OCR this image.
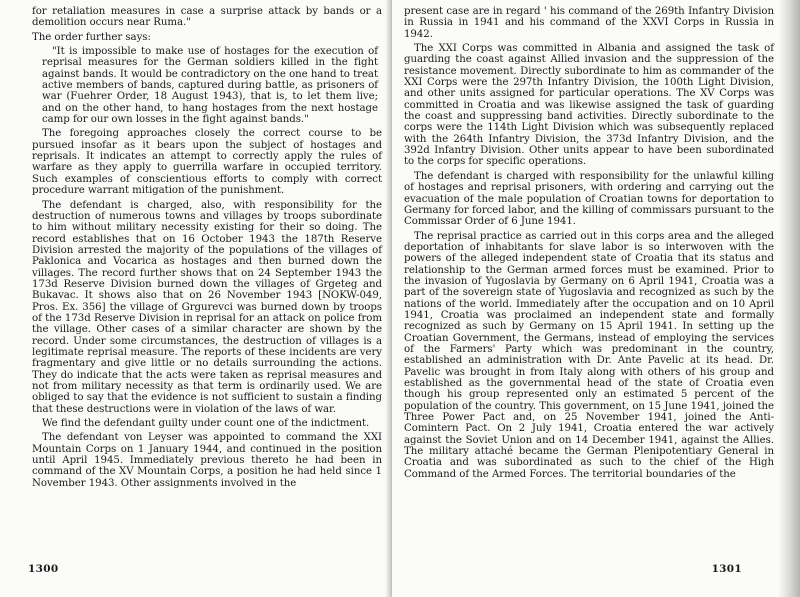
for retaliation measures in case a surprise attack by bands or a demolition occurs near Ruma."

The order further says:

"It is impossible to make use of hostages for the execution of reprisal measures for the German soldiers killed in the fight against bands. It would be contradictory on the one hand to treat active members of bands, captured during battle, as prisoners of war (Fuehrer Order, 18 August 1943), that is, to let them live; and on the other hand, to hang hostages from the next hostage camp for our own losses in the fight against bands."

The foregoing approaches closely the correct course to be pursued insofar as it bears upon the subject of hostages and reprisals. It indicates an attempt to correctly apply the rules of warfare as they apply to guerrilla warfare in occupied territory. Such examples of conscientious efforts to comply with correct procedure warrant mitigation of the punishment.

The defendant is charged, also, with responsibility for the destruction of numerous towns and villages by troops subordinate to him without military necessity existing for their so doing. The record establishes that on 16 October 1943 the 187th Reserve Division arrested the majority of the populations of the villages of Paklonica and Vocarica as hostages and then burned down the villages. The record further shows that on 24 September 1943 the 173d Reserve Division burned down the villages of Grgeteg and Bukavac. It shows also that on 26 November 1943 [NOKW-049, Pros. Ex. 356] the village of Grgurevci was burned down by troops of the 173d Reserve Division in reprisal for an attack on police from the village. Other cases of a similar character are shown by the record. Under some circumstances, the destruction of villages is a legitimate reprisal measure. The reports of these incidents are very fragmentary and give little or no details surrounding the actions. They do indicate that the acts were taken as reprisal measures and not from military necessity as that term is ordinarily used. We are obliged to say that the evidence is not sufficient to sustain a finding that these destructions were in violation of the laws of war.

We find the defendant guilty under count one of the indictment.

The defendant von Leyser was appointed to command the XXI Mountain Corps on 1 January 1944, and continued in the position until April 1945. Immediately previous thereto he had been in command of the XV Mountain Corps, a position he had held since 1 November 1943. Other assignments involved in the

1300

present case are in regard ' his command of the 269th Infantry Division in Russia in 1941 and his command of the XXVI Corps in Russia in 1942.

The XXI Corps was committed in Albania and assigned the task of guarding the coast against Allied invasion and the suppression of the resistance movement. Directly subordinate to him as commander of the XXI Corps were the 297th Infantry Division, the 100th Light Division, and other units assigned for particular operations. The XV Corps was committed in Croatia and was likewise assigned the task of guarding the coast and suppressing band activities. Directly subordinate to the corps were the 114th Light Division which was subsequently replaced with the 264th Infantry Division, the 373d Infantry Division, and the 392d Infantry Division. Other units appear to have been subordinated to the corps for specific operations.

The defendant is charged with responsibility for the unlawful killing of hostages and reprisal prisoners, with ordering and carrying out the evacuation of the male population of Croatian towns for deportation to Germany for forced labor, and the killing of commissars pursuant to the Commissar Order of 6 June 1941.

The reprisal practice as carried out in this corps area and the alleged deportation of inhabitants for slave labor is so interwoven with the powers of the alleged independent state of Croatia that its status and relationship to the German armed forces must be examined. Prior to the invasion of Yugoslavia by Germany on 6 April 1941, Croatia was a part of the sovereign state of Yugoslavia and recognized as such by the nations of the world. Immediately after the occupation and on 10 April 1941, Croatia was proclaimed an independent state and formally recognized as such by Germany on 15 April 1941. In setting up the Croatian Government, the Germans, instead of employing the services of the Farmers' Party which was predominant in the country, established an administration with Dr. Ante Pavelic at its head. Dr. Pavelic was brought in from Italy along with others of his group and established as the governmental head of the state of Croatia even though his group represented only an estimated 5 percent of the population of the country. This government, on 15 June 1941, joined the Three Power Pact and, on 25 November 1941, joined the Anti-Comintern Pact. On 2 July 1941, Croatia entered the war actively against the Soviet Union and on 14 December 1941, against the Allies. The military attaché became the German Plenipotentiary General in Croatia and was subordinated as such to the chief of the High Command of the Armed Forces. The territorial boundaries of the

1301
